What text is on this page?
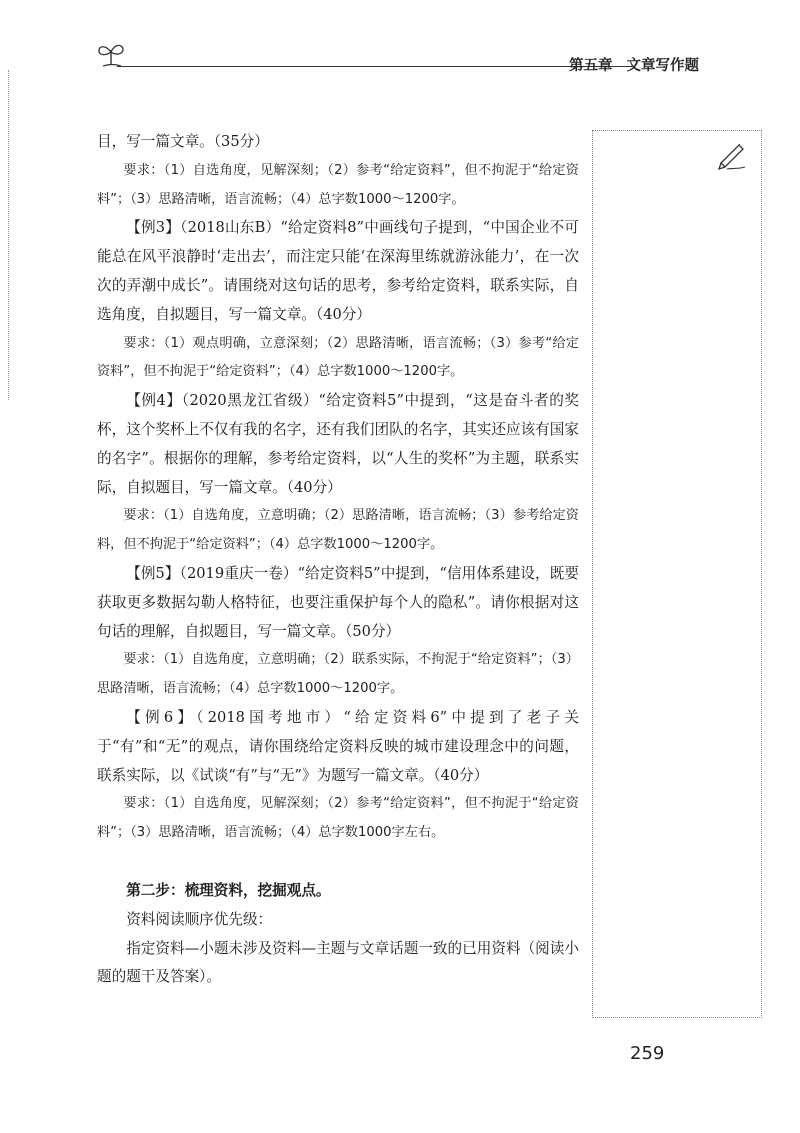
第五章 文章写作题

目，写一篇文章。（35分）

要求：（1）自选角度，见解深刻；（2）参考“给定资料”，但不拘泥于“给定资料”；（3）思路清晰，语言流畅；（4）总字数1000～1200字。

【例3】（2018山东B）“给定资料8”中画线句子提到，“中国企业不可能总在风平浪静时‘走出去’，而注定只能‘在深海里练就游泳能力’，在一次次的弄潮中成长”。请围绕对这句话的思考，参考给定资料，联系实际，自选角度，自拟题目，写一篇文章。（40分）

要求：（1）观点明确，立意深刻；（2）思路清晰，语言流畅；（3）参考“给定资料”，但不拘泥于“给定资料”；（4）总字数1000～1200字。

【例4】（2020黑龙江省级）“给定资料5”中提到，“这是奋斗者的奖杯，这个奖杯上不仅有我的名字，还有我们团队的名字，其实还应该有国家的名字”。根据你的理解，参考给定资料，以“人生的奖杯”为主题，联系实际，自拟题目，写一篇文章。（40分）

要求：（1）自选角度，立意明确；（2）思路清晰，语言流畅；（3）参考给定资料，但不拘泥于“给定资料”；（4）总字数1000～1200字。

【例5】（2019重庆一卷）“给定资料5”中提到，“信用体系建设，既要获取更多数据勾勒人格特征，也要注重保护每个人的隐私”。请你根据对这句话的理解，自拟题目，写一篇文章。（50分）

要求：（1）自选角度，立意明确；（2）联系实际，不拘泥于“给定资料”；（3）思路清晰，语言流畅；（4）总字数1000～1200字。

【例6】（2018国考地市）“给定资料6”中提到了老子关于“有”和“无”的观点，请你围绕给定资料反映的城市建设理念中的问题，联系实际，以《试谈“有”与“无”》为题写一篇文章。（40分）

要求：（1）自选角度，见解深刻；（2）参考“给定资料”，但不拘泥于“给定资料”；（3）思路清晰，语言流畅；（4）总字数1000字左右。

第二步：梳理资料，挖掘观点。

资料阅读顺序优先级：

指定资料—小题未涉及资料—主题与文章话题一致的已用资料（阅读小题的题干及答案）。

259
